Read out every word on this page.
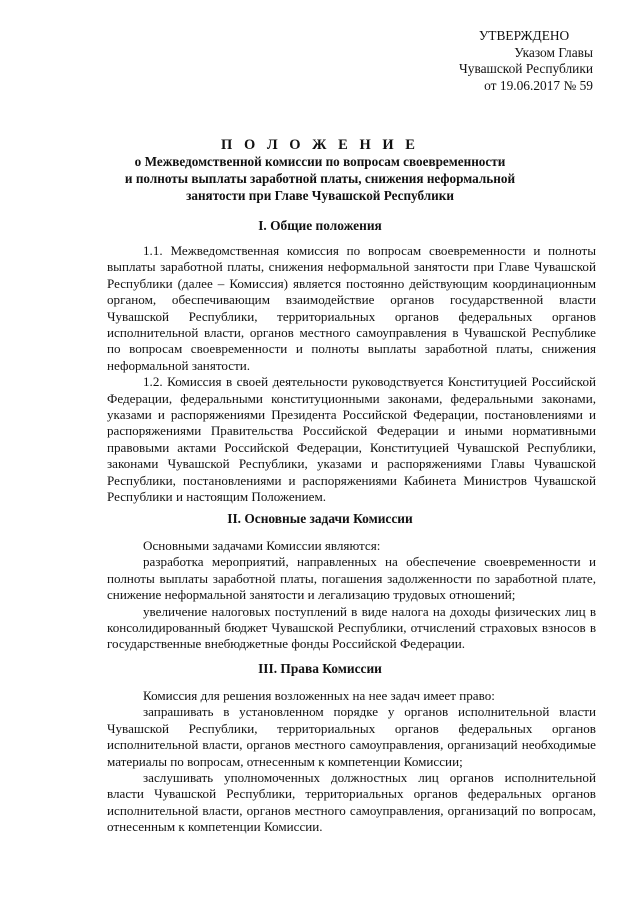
УТВЕРЖДЕНО
Указом Главы
Чувашской Республики
от 19.06.2017 № 59
П О Л О Ж Е Н И Е
о Межведомственной комиссии по вопросам своевременности
и полноты выплаты заработной платы, снижения неформальной
занятости при Главе Чувашской Республики
I. Общие положения

1.1. Межведомственная комиссия по вопросам своевременности и полноты выплаты заработной платы, снижения неформальной занятости при Главе Чувашской Республики (далее – Комиссия) является постоянно действующим координационным органом, обеспечивающим взаимодействие органов государственной власти Чувашской Республики, территориальных органов федеральных органов исполнительной власти, органов местного самоуправления в Чувашской Республике по вопросам своевременности и полноты выплаты заработной платы, снижения неформальной занятости.

1.2. Комиссия в своей деятельности руководствуется Конституцией Российской Федерации, федеральными конституционными законами, федеральными законами, указами и распоряжениями Президента Российской Федерации, постановлениями и распоряжениями Правительства Российской Федерации и иными нормативными правовыми актами Российской Федерации, Конституцией Чувашской Республики, законами Чувашской Республики, указами и распоряжениями Главы Чувашской Республики, постановлениями и распоряжениями Кабинета Министров Чувашской Республики и настоящим Положением.

II. Основные задачи Комиссии

Основными задачами Комиссии являются:

разработка мероприятий, направленных на обеспечение своевременности и полноты выплаты заработной платы, погашения задолженности по заработной плате, снижение неформальной занятости и легализацию трудовых отношений;

увеличение налоговых поступлений в виде налога на доходы физических лиц в консолидированный бюджет Чувашской Республики, отчислений страховых взносов в государственные внебюджетные фонды Российской Федерации.

III. Права Комиссии

Комиссия для решения возложенных на нее задач имеет право:

запрашивать в установленном порядке у органов исполнительной власти Чувашской Республики, территориальных органов федеральных органов исполнительной власти, органов местного самоуправления, организаций необходимые материалы по вопросам, отнесенным к компетенции Комиссии;

заслушивать уполномоченных должностных лиц органов исполнительной власти Чувашской Республики, территориальных органов федеральных органов исполнительной власти, органов местного самоуправления, организаций по вопросам, отнесенным к компетенции Комиссии.
